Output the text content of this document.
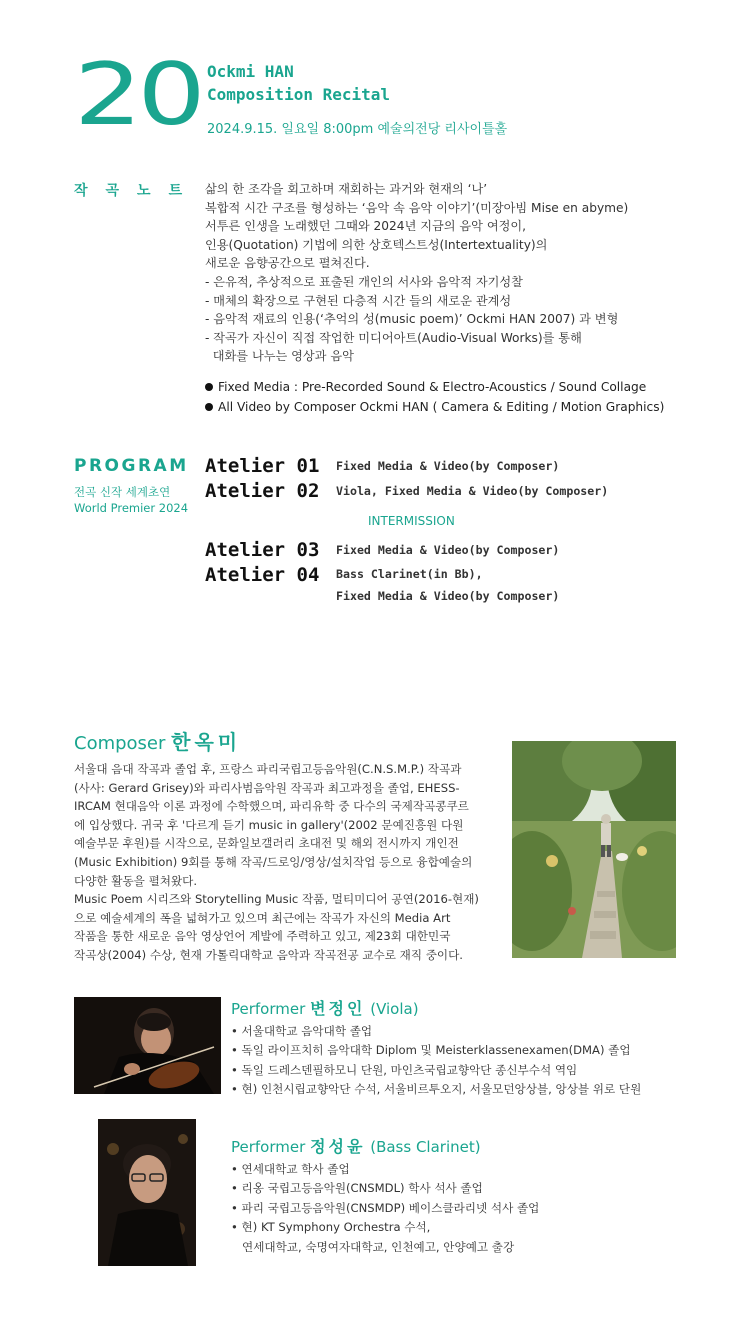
20 Ockmi HAN
Composition Recital
2024.9.15. 일요일 8:00pm 예술의전당 리사이틀홀
작곡노트 삶의 한 조각을 회고하며 재회하는 과거와 현재의 ‘나’
복합적 시간 구조를 형성하는 ‘음악 속 음악 이야기’(미장아빔 Mise en abyme)
서투른 인생을 노래했던 그때와 2024년 지금의 음악 여정이,
인용(Quotation) 기법에 의한 상호텍스트성(Intertextuality)의
새로운 음향공간으로 펼쳐진다.
- 은유적, 추상적으로 표출된 개인의 서사와 음악적 자기성찰
- 매체의 확장으로 구현된 다층적 시간 들의 새로운 관계성
- 음악적 재료의 인용(‘추억의 성(music poem)’ Ockmi HAN 2007) 과 변형
- 작곡가 자신이 직접 작업한 미디어아트(Audio-Visual Works)를 통해
대화를 나누는 영상과 음악
Fixed Media : Pre-Recorded Sound & Electro-Acoustics / Sound Collage
All Video by Composer Ockmi HAN ( Camera & Editing / Motion Graphics)
PROGRAM
전곡 신작 세계초연
World Premier 2024
Atelier 01 Fixed Media & Video(by Composer)
Atelier 02 Viola, Fixed Media & Video(by Composer)
INTERMISSION
Atelier 03 Fixed Media & Video(by Composer)
Atelier 04 Bass Clarinet(in Bb),
Fixed Media & Video(by Composer)
Composer 한옥미
서울대 음대 작곡과 졸업 후, 프랑스 파리국립고등음악원(C.N.S.M.P.) 작곡과
(사사: Gerard Grisey)와 파리사범음악원 작곡과 최고과정을 졸업, EHESS-
IRCAM 현대음악 이론 과정에 수학했으며, 파리유학 중 다수의 국제작곡콩쿠르
에 입상했다. 귀국 후 '다르게 듣기 music in gallery'(2002 문예진흥원 다원
예술부문 후원)를 시작으로, 문화일보갤러리 초대전 및 해외 전시까지 개인전
(Music Exhibition) 9회를 통해 작곡/드로잉/영상/설치작업 등으로 융합예술의
다양한 활동을 펼쳐왔다.
Music Poem 시리즈와 Storytelling Music 작품, 멀티미디어 공연(2016-현재)
으로 예술세계의 폭을 넓혀가고 있으며 최근에는 작곡가 자신의 Media Art
작품을 통한 새로운 음악 영상언어 계발에 주력하고 있고, 제23회 대한민국
작곡상(2004) 수상, 현재 가톨릭대학교 음악과 작곡전공 교수로 재직 중이다.
Performer 변정인 (Viola)
• 서울대학교 음악대학 졸업
• 독일 라이프치히 음악대학 Diplom 및 Meisterklassenexamen(DMA) 졸업
• 독일 드레스덴필하모니 단원, 마인츠국립교향악단 종신부수석 역임
• 현) 인천시립교향악단 수석, 서울비르투오지, 서울모던앙상블, 앙상블 위로 단원
Performer 정성윤 (Bass Clarinet)
• 연세대학교 학사 졸업
• 리옹 국립고등음악원(CNSMDL) 학사 석사 졸업
• 파리 국립고등음악원(CNSMDP) 베이스클라리넷 석사 졸업
• 현) KT Symphony Orchestra 수석,
연세대학교, 숙명여자대학교, 인천예고, 안양예고 출강
